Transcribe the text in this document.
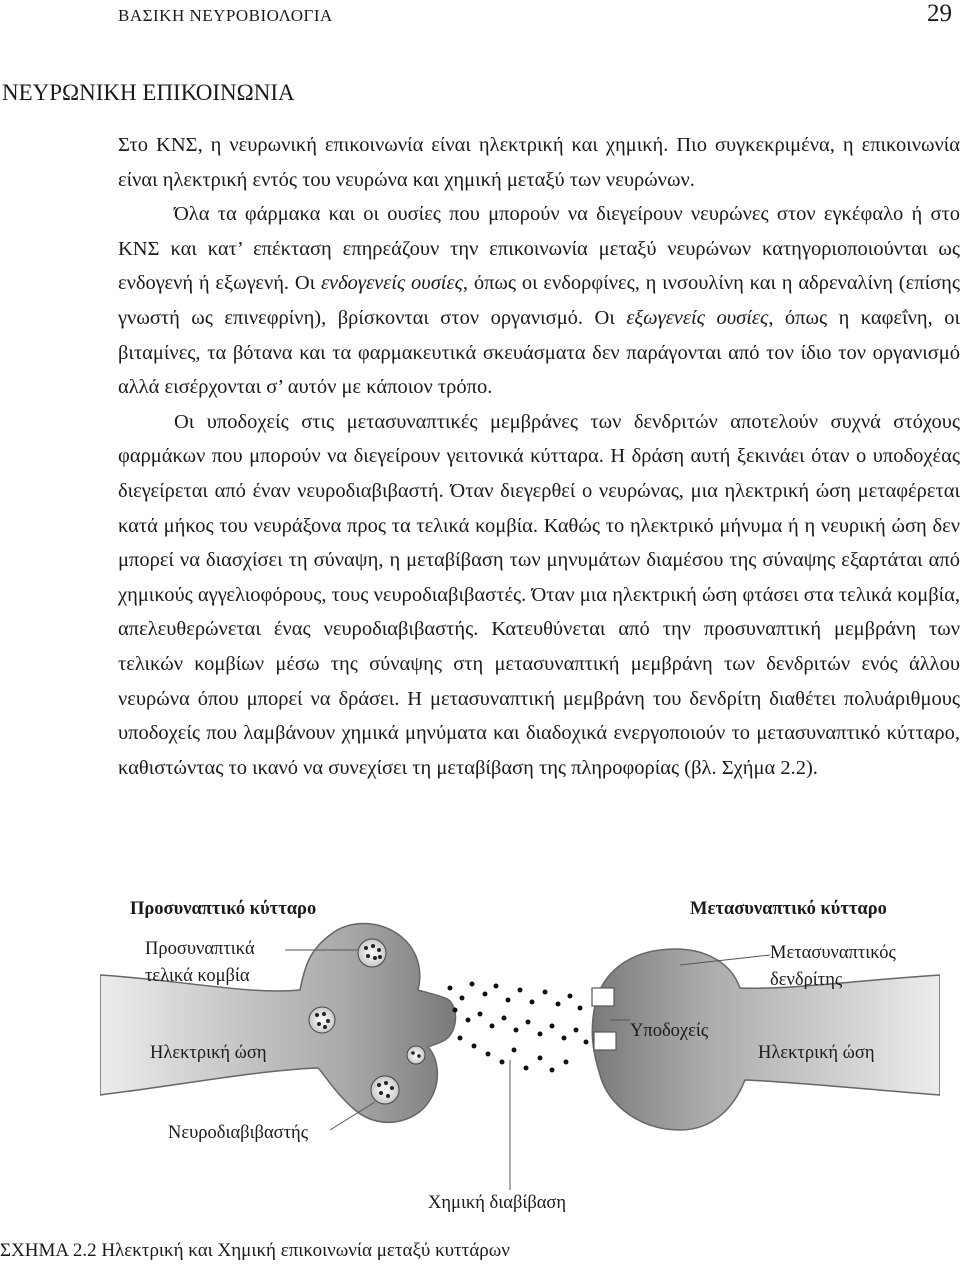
ΒΑΣΙΚΗ ΝΕΥΡΟΒΙΟΛΟΓΙΑ	29
ΝΕΥΡΩΝΙΚΗ ΕΠΙΚΟΙΝΩΝΙΑ

Στο ΚΝΣ, η νευρωνική επικοινωνία είναι ηλεκτρική και χημική. Πιο συγκεκριμένα, η επικοινωνία είναι ηλεκτρική εντός του νευρώνα και χημική μεταξύ των νευρώνων.

Όλα τα φάρμακα και οι ουσίες που μπορούν να διεγείρουν νευρώνες στον εγκέφαλο ή στο ΚΝΣ και κατ’ επέκταση επηρεάζουν την επικοινωνία μεταξύ νευρώνων κατηγοριοποιούνται ως ενδογενή ή εξωγενή. Οι ενδογενείς ουσίες, όπως οι ενδορφίνες, η ινσουλίνη και η αδρεναλίνη (επίσης γνωστή ως επινεφρίνη), βρίσκονται στον οργανισμό. Οι εξωγενείς ουσίες, όπως η καφεΐνη, οι βιταμίνες, τα βότανα και τα φαρμακευτικά σκευάσματα δεν παράγονται από τον ίδιο τον οργανισμό αλλά εισέρχονται σ’ αυτόν με κάποιον τρόπο.

Οι υποδοχείς στις μετασυναπτικές μεμβράνες των δενδριτών αποτελούν συχνά στόχους φαρμάκων που μπορούν να διεγείρουν γειτονικά κύτταρα. Η δράση αυτή ξεκινάει όταν ο υποδοχέας διεγείρεται από έναν νευροδιαβιβαστή. Όταν διεγερθεί ο νευρώνας, μια ηλεκτρική ώση μεταφέρεται κατά μήκος του νευράξονα προς τα τελικά κομβία. Καθώς το ηλεκτρικό μήνυμα ή η νευρική ώση δεν μπορεί να διασχίσει τη σύναψη, η μεταβίβαση των μηνυμάτων διαμέσου της σύναψης εξαρτάται από χημικούς αγγελιοφόρους, τους νευροδιαβιβαστές. Όταν μια ηλεκτρική ώση φτάσει στα τελικά κομβία, απελευθερώνεται ένας νευροδιαβιβαστής. Κατευθύνεται από την προσυναπτική μεμβράνη των τελικών κομβίων μέσω της σύναψης στη μετασυναπτική μεμβράνη των δενδριτών ενός άλλου νευρώνα όπου μπορεί να δράσει. Η μετασυναπτική μεμβράνη του δενδρίτη διαθέτει πολυάριθμους υποδοχείς που λαμβάνουν χημικά μηνύματα και διαδοχικά ενεργοποιούν το μετασυναπτικό κύτταρο, καθιστώντας το ικανό να συνεχίσει τη μεταβίβαση της πληροφορίας (βλ. Σχήμα 2.2).

Προσυναπτικό κύτταρο	Μετασυναπτικό κύτταρο
Προσυναπτικά τελικά κομβία
Μετασυναπτικός δενδρίτης
Υποδοχείς
Ηλεκτρική ώση	Ηλεκτρική ώση
Νευροδιαβιβαστής
Χημική διαβίβαση
ΣΧΗΜΑ 2.2 Ηλεκτρική και Χημική επικοινωνία μεταξύ κυττάρων
